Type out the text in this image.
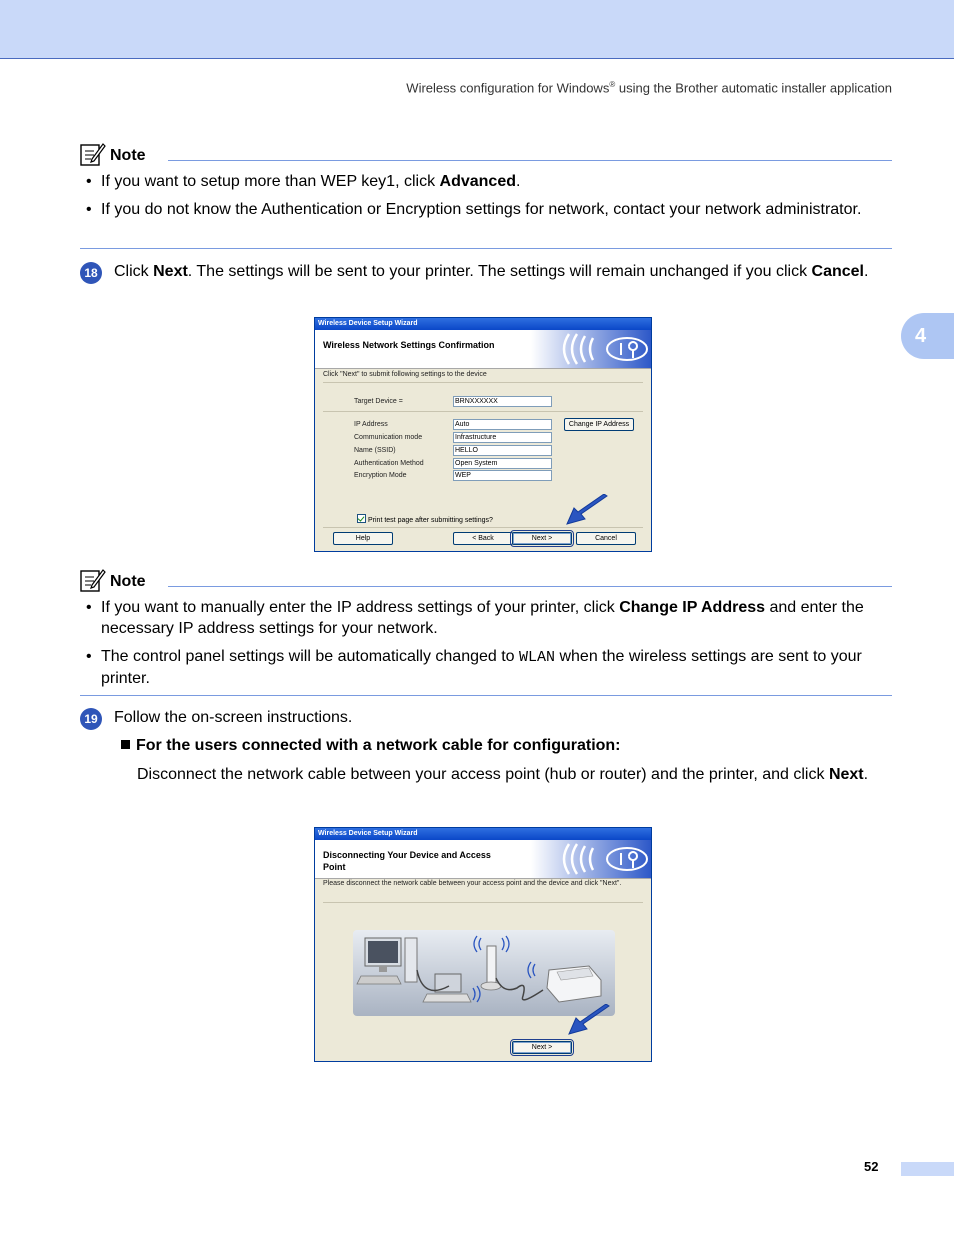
Wireless configuration for Windows® using the Brother automatic installer application
4
Note
• If you want to setup more than WEP key1, click Advanced.
• If you do not know the Authentication or Encryption settings for network, contact your network administrator.
18 Click Next. The settings will be sent to your printer. The settings will remain unchanged if you click Cancel.
Wireless Device Setup Wizard
Wireless Network Settings Confirmation
Click "Next" to submit following settings to the device
Target Device =	BRNXXXXXX
IP Address	Auto
Communication mode	Infrastructure
Name (SSID)	HELLO
Authentication Method	Open System
Encryption Mode	WEP
Change IP Address
Print test page after submitting settings?
Help	< Back	Next >	Cancel
Note
• If you want to manually enter the IP address settings of your printer, click Change IP Address and enter the necessary IP address settings for your network.
• The control panel settings will be automatically changed to WLAN when the wireless settings are sent to your printer.
19 Follow the on-screen instructions.
For the users connected with a network cable for configuration:
Disconnect the network cable between your access point (hub or router) and the printer, and click Next.
Wireless Device Setup Wizard
Disconnecting Your Device and Access Point
Please disconnect the network cable between your access point and the device and click "Next".
Next >
52
